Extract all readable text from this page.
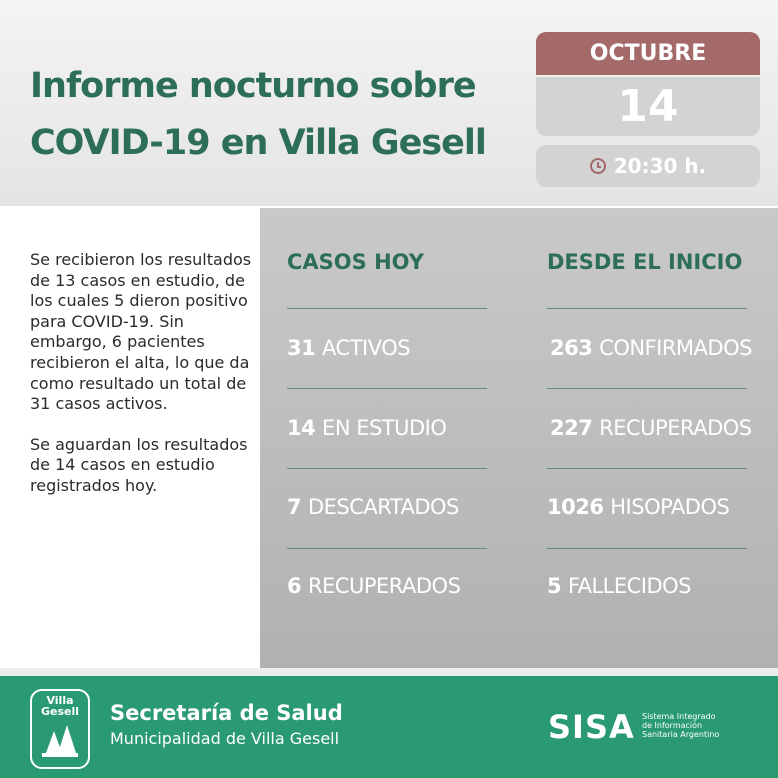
Informe nocturno sobre
COVID-19 en Villa Gesell
OCTUBRE
14
20:30 h.

Se recibieron los resultados de 13 casos en estudio, de los cuales 5 dieron positivo para COVID-19. Sin embargo, 6 pacientes recibieron el alta, lo que da como resultado un total de 31 casos activos.

Se aguardan los resultados de 14 casos en estudio registrados hoy.

CASOS HOY	DESDE EL INICIO
31 ACTIVOS	263 CONFIRMADOS
14 EN ESTUDIO	227 RECUPERADOS
7 DESCARTADOS	1026 HISOPADOS
6 RECUPERADOS	5 FALLECIDOS
Villa
Gesell	Secretaría de Salud
Municipalidad de Villa Gesell	SISA Sistema Integrado
de Información
Sanitaria Argentino
